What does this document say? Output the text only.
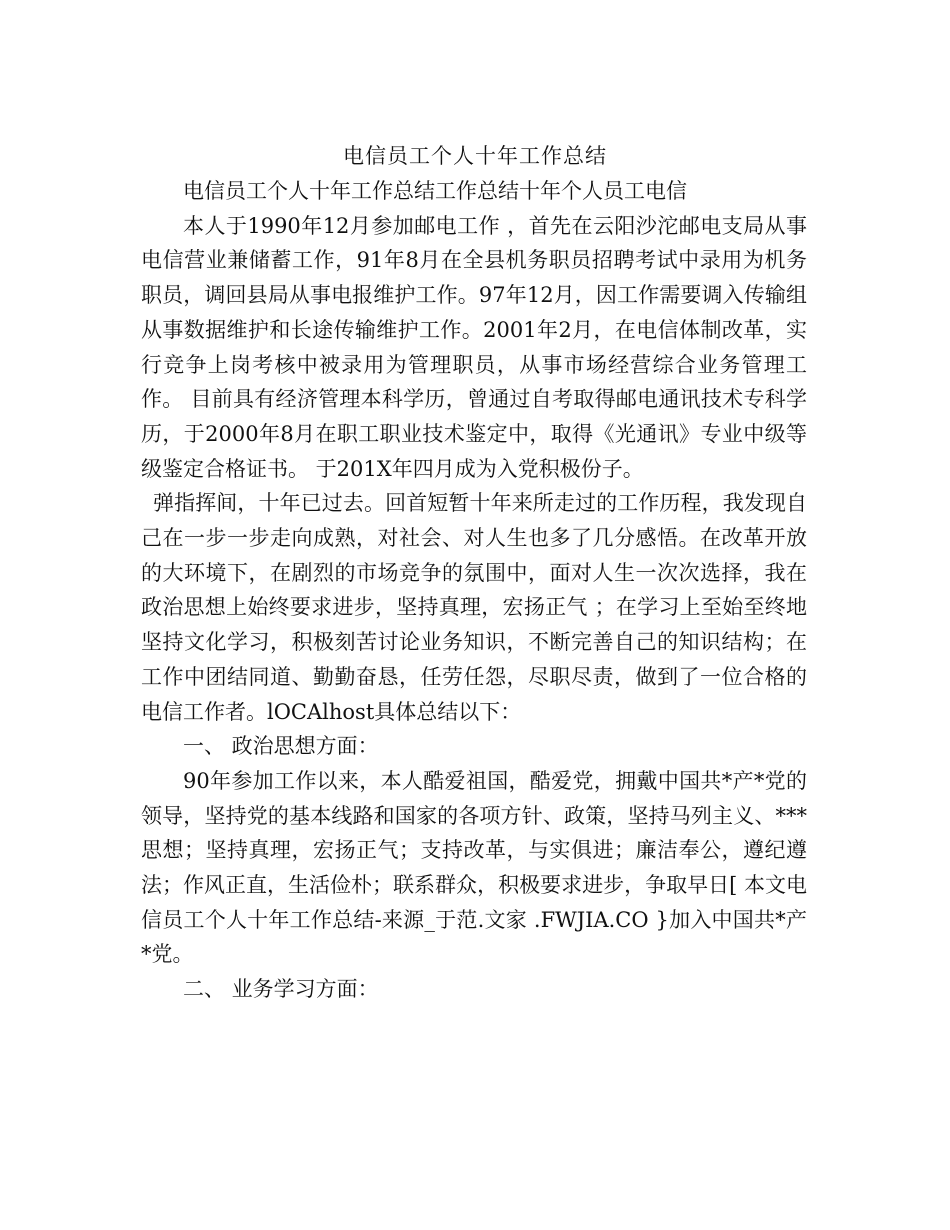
电信员工个人十年工作总结

电信员工个人十年工作总结工作总结十年个人员工电信

本人于1990年12月参加邮电工作 ，首先在云阳沙沱邮电支局从事电信营业兼储蓄工作，91年8月在全县机务职员招聘考试中录用为机务职员，调回县局从事电报维护工作。97年12月，因工作需要调入传输组从事数据维护和长途传输维护工作。2001年2月，在电信体制改革，实行竞争上岗考核中被录用为管理职员，从事市场经营综合业务管理工作。 目前具有经济管理本科学历，曾通过自考取得邮电通讯技术专科学历，于2000年8月在职工职业技术鉴定中，取得《光通讯》专业中级等级鉴定合格证书。 于201X年四月成为入党积极份子。

弹指挥间，十年已过去。回首短暂十年来所走过的工作历程，我发现自己在一步一步走向成熟，对社会、对人生也多了几分感悟。在改革开放的大环境下，在剧烈的市场竞争的氛围中，面对人生一次次选择，我在政治思想上始终要求进步，坚持真理，宏扬正气 ；在学习上至始至终地坚持文化学习，积极刻苦讨论业务知识，不断完善自己的知识结构；在工作中团结同道、勤勤奋恳，任劳任怨，尽职尽责，做到了一位合格的电信工作者。lOCAlhost具体总结以下：

一、 政治思想方面：

90年参加工作以来，本人酷爱祖国，酷爱党，拥戴中国共*产*党的领导，坚持党的基本线路和国家的各项方针、政策，坚持马列主义、***思想；坚持真理，宏扬正气；支持改革，与实俱进；廉洁奉公，遵纪遵法；作风正直，生活俭朴；联系群众，积极要求进步，争取早日[ 本文电信员工个人十年工作总结-来源_于范.文家 .FWJIA.CO }加入中国共*产*党。

二、 业务学习方面：
